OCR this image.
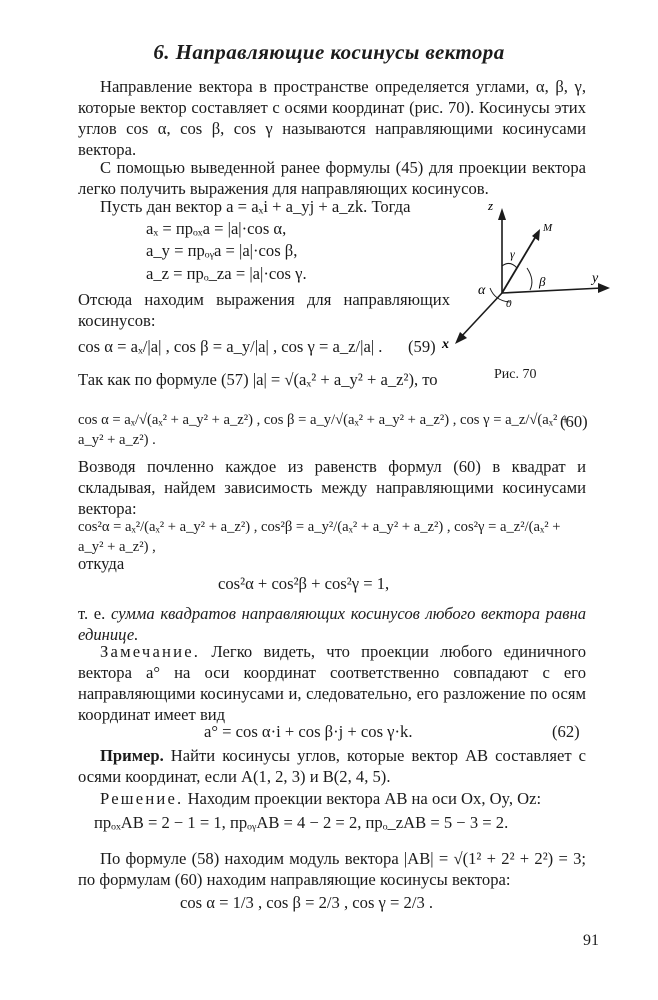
6. Направляющие косинусы вектора
Направление вектора в пространстве определяется углами, α, β, γ, которые вектор составляет с осями координат (рис. 70). Косинусы этих углов cos α, cos β, cos γ называются направляющими косинусами вектора.
С помощью выведенной ранее формулы (45) для проекции вектора легко получить выражения для направляющих косинусов.
Пусть дан вектор a = aₓi + a_yj + a_zk. Тогда
aₓ = прₒₓa = |a|·cos α,
a_y = прₒᵧa = |a|·cos β,
a_z = прₒ_za = |a|·cos γ.
Отсюда находим выражения для направляющих косинусов:
cos α = aₓ/|a| , cos β = a_y/|a| , cos γ = a_z/|a| . (59)
Так как по формуле (57) |a| = √(aₓ² + a_y² + a_z²), то
z
y
x
0
M
α
β
γ
Рис. 70
cos α = aₓ/√(aₓ² + a_y² + a_z²) , cos β = a_y/√(aₓ² + a_y² + a_z²) , cos γ = a_z/√(aₓ² + a_y² + a_z²) .
(60)
Возводя почленно каждое из равенств формул (60) в квадрат и складывая, найдем зависимость между направляющими косинусами вектора:
cos²α = aₓ²/(aₓ² + a_y² + a_z²) , cos²β = a_y²/(aₓ² + a_y² + a_z²) , cos²γ = a_z²/(aₓ² + a_y² + a_z²) ,
откуда
cos²α + cos²β + cos²γ = 1,
т. е. сумма квадратов направляющих косинусов любого вектора равна единице.
Замечание. Легко видеть, что проекции любого единичного вектора a° на оси координат соответственно совпадают с его направляющими косинусами и, следовательно, его разложение по осям координат имеет вид
a° = cos α·i + cos β·j + cos γ·k.	(62)
Пример. Найти косинусы углов, которые вектор AB составляет с осями координат, если A(1, 2, 3) и B(2, 4, 5).
Решение. Находим проекции вектора AB на оси Ox, Oy, Oz:
прₒₓAB = 2 − 1 = 1, прₒᵧAB = 4 − 2 = 2, прₒ_zAB = 5 − 3 = 2.
По формуле (58) находим модуль вектора |AB| = √(1² + 2² + 2²) = 3; по формулам (60) находим направляющие косинусы вектора:
cos α = 1/3 , cos β = 2/3 , cos γ = 2/3 .
91
